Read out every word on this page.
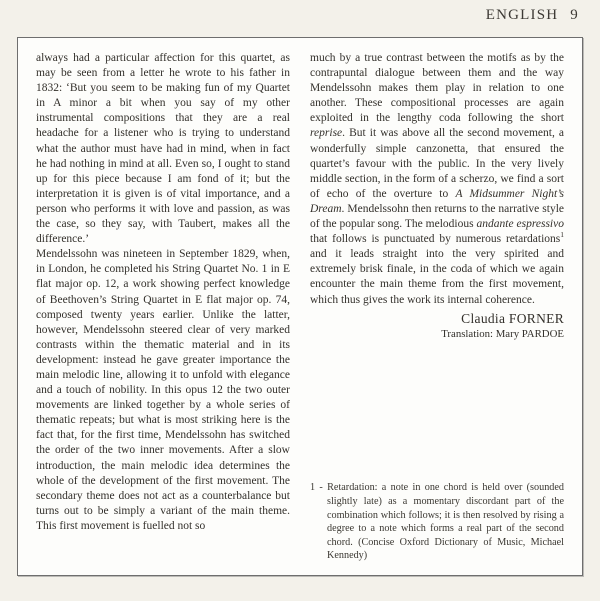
ENGLISH 9

always had a particular affection for this quartet, as may be seen from a letter he wrote to his father in 1832: ‘But you seem to be making fun of my Quartet in A minor a bit when you say of my other instrumental compositions that they are a real headache for a listener who is trying to understand what the author must have had in mind, when in fact he had nothing in mind at all. Even so, I ought to stand up for this piece because I am fond of it; but the interpretation it is given is of vital importance, and a person who performs it with love and passion, as was the case, so they say, with Taubert, makes all the difference.’

Mendelssohn was nineteen in September 1829, when, in London, he completed his String Quartet No. 1 in E flat major op. 12, a work showing perfect knowledge of Beethoven’s String Quartet in E flat major op. 74, composed twenty years earlier. Unlike the latter, however, Mendelssohn steered clear of very marked contrasts within the thematic material and in its development: instead he gave greater importance the main melodic line, allowing it to unfold with elegance and a touch of nobility. In this opus 12 the two outer movements are linked together by a whole series of thematic repeats; but what is most striking here is the fact that, for the first time, Mendelssohn has switched the order of the two inner movements. After a slow introduction, the main melodic idea determines the whole of the development of the first movement. The secondary theme does not act as a counterbalance but turns out to be simply a variant of the main theme. This first movement is fuelled not so

much by a true contrast between the motifs as by the contrapuntal dialogue between them and the way Mendelssohn makes them play in relation to one another. These compositional processes are again exploited in the lengthy coda following the short reprise. But it was above all the second movement, a wonderfully simple canzonetta, that ensured the quartet’s favour with the public. In the very lively middle section, in the form of a scherzo, we find a sort of echo of the overture to A Midsummer Night’s Dream. Mendelssohn then returns to the narrative style of the popular song. The melodious andante espressivo that follows is punctuated by numerous retardations$^1$ and it leads straight into the very spirited and extremely brisk finale, in the coda of which we again encounter the main theme from the first movement, which thus gives the work its internal coherence.

Claudia FORNER
Translation: Mary PARDOE
1 - Retardation: a note in one chord is held over (sounded slightly late) as a momentary discordant part of the combination which follows; it is then resolved by rising a degree to a note which forms a real part of the second chord. (Concise Oxford Dictionary of Music, Michael Kennedy)
